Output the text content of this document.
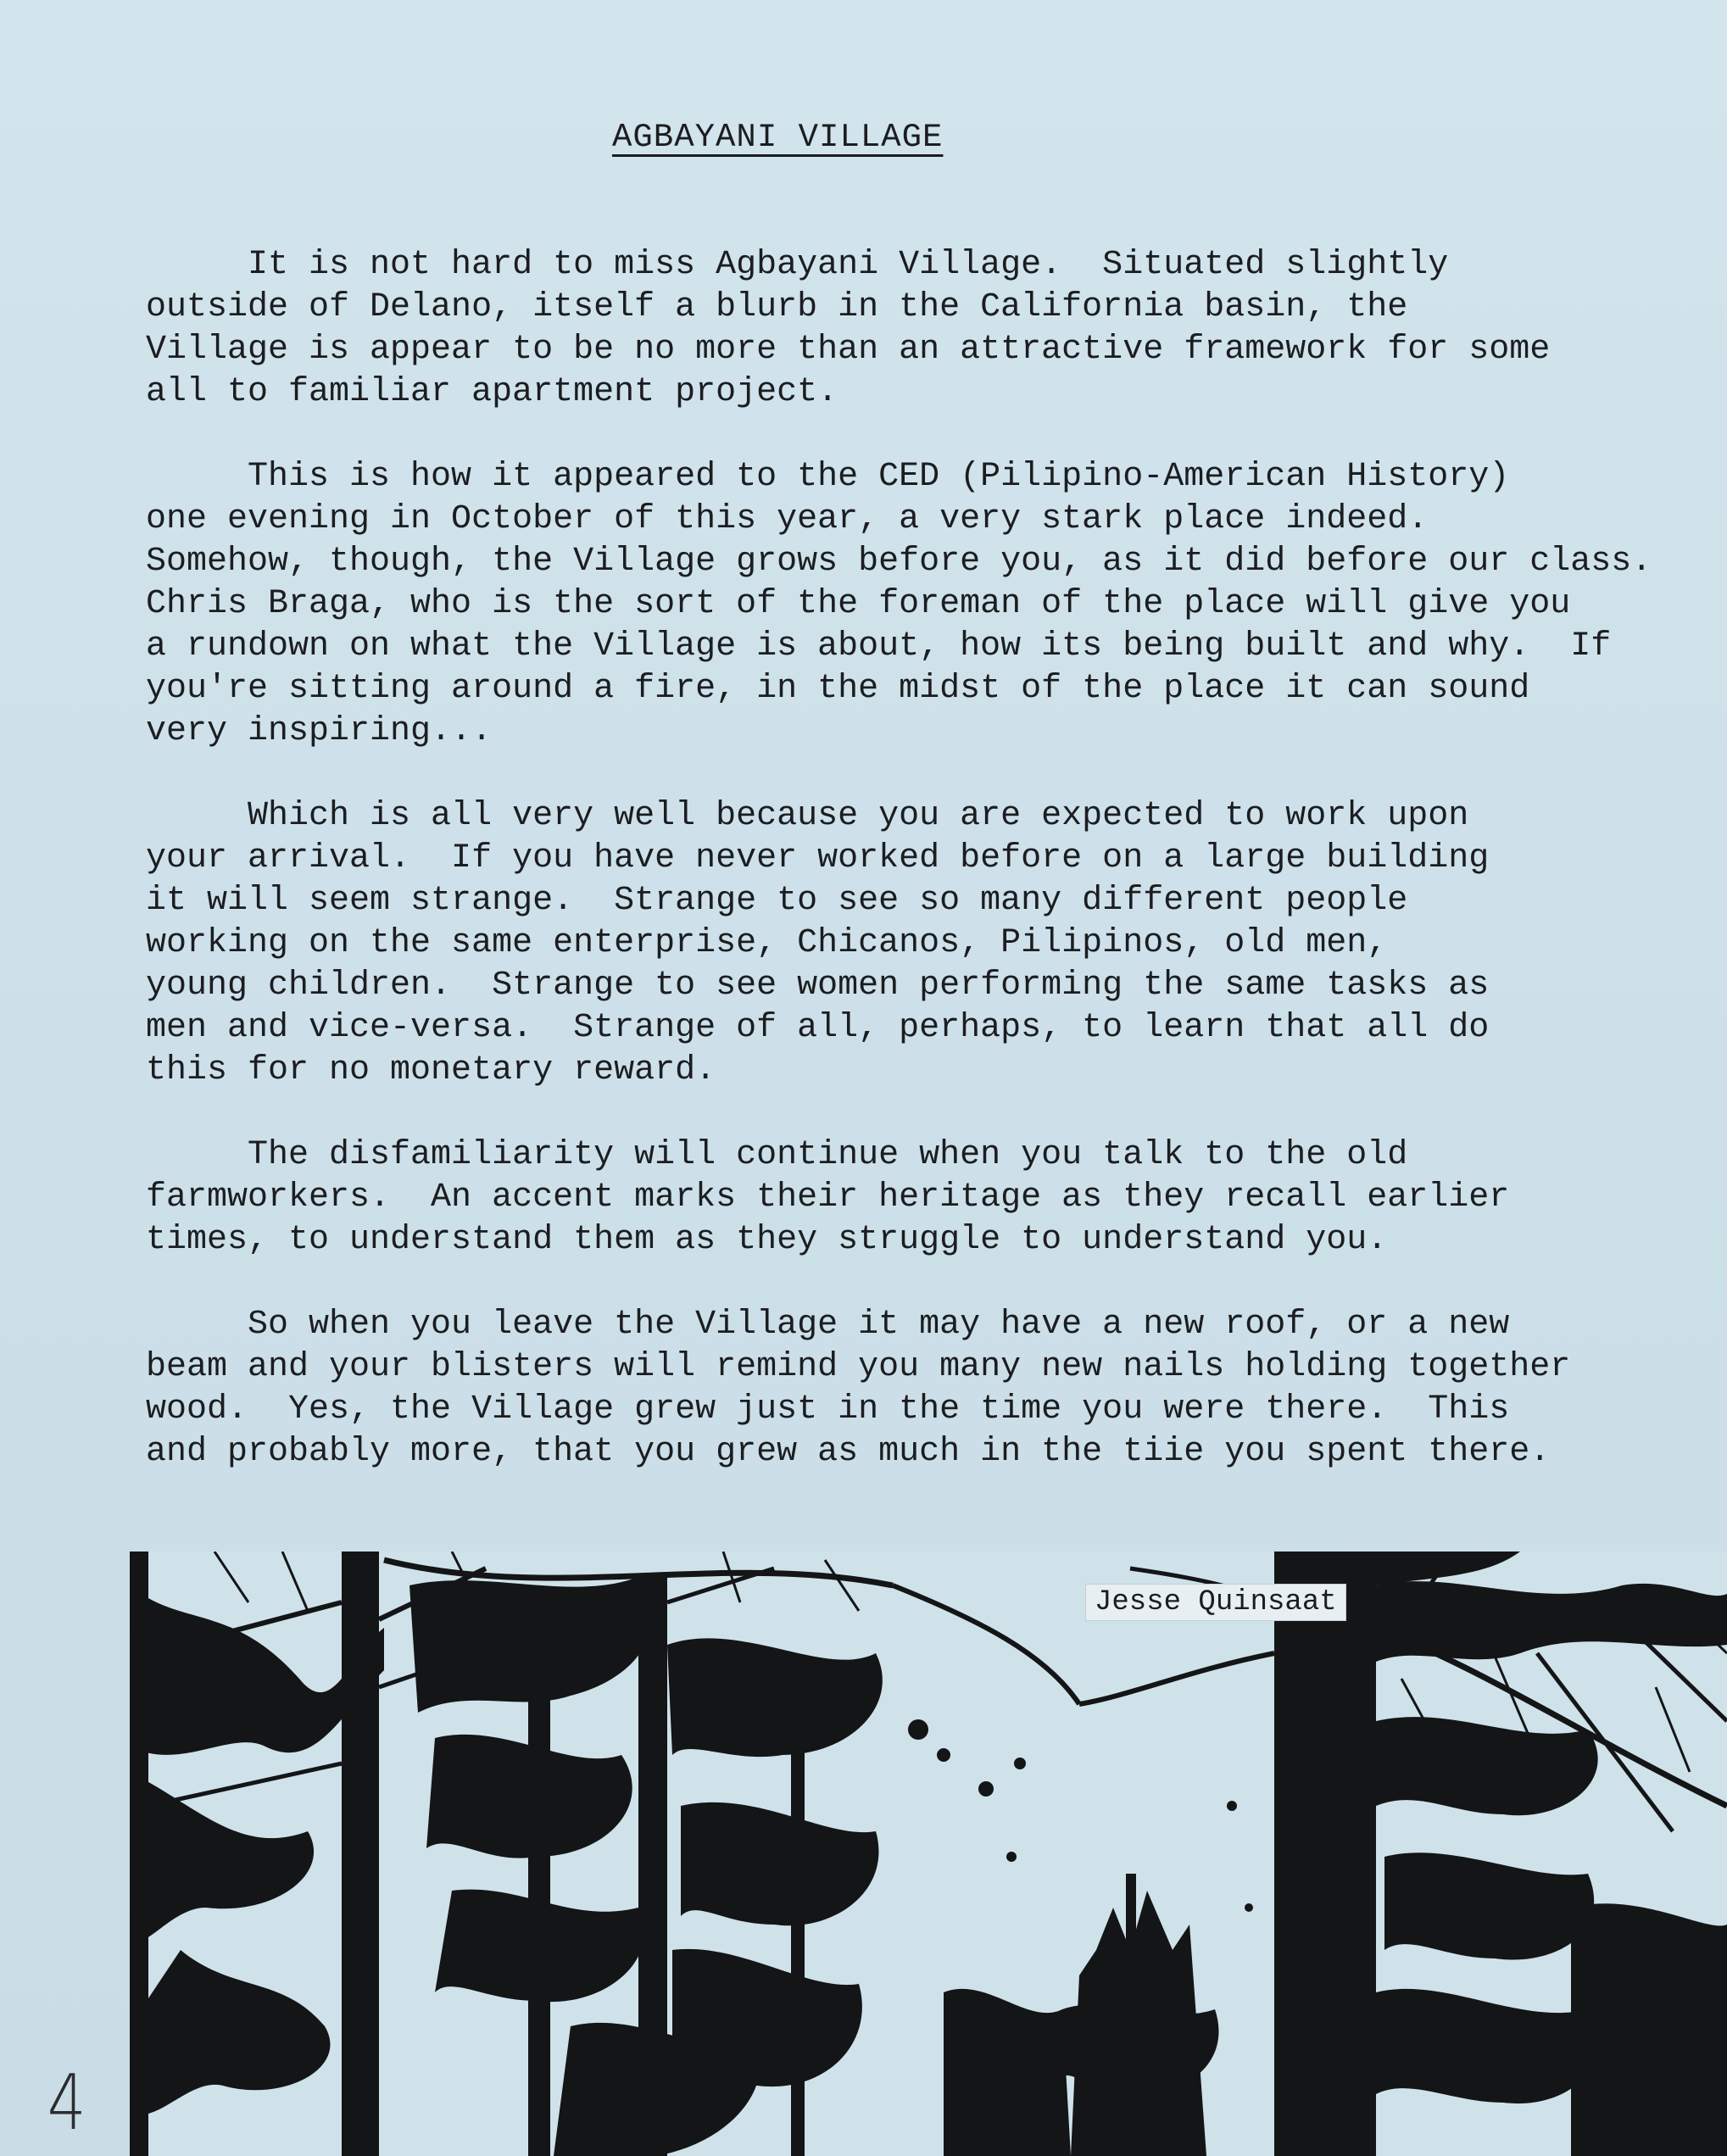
AGBAYANI VILLAGE
It is not hard to miss Agbayani Village.  Situated slightly
outside of Delano, itself a blurb in the California basin, the
Village is appear to be no more than an attractive framework for some
all to familiar apartment project.
This is how it appeared to the CED (Pilipino-American History)
one evening in October of this year, a very stark place indeed.
Somehow, though, the Village grows before you, as it did before our class.
Chris Braga, who is the sort of the foreman of the place will give you
a rundown on what the Village is about, how its being built and why.  If
you're sitting around a fire, in the midst of the place it can sound
very inspiring...
Which is all very well because you are expected to work upon
your arrival.  If you have never worked before on a large building
it will seem strange.  Strange to see so many different people
working on the same enterprise, Chicanos, Pilipinos, old men,
young children.  Strange to see women performing the same tasks as
men and vice-versa.  Strange of all, perhaps, to learn that all do
this for no monetary reward.
The disfamiliarity will continue when you talk to the old
farmworkers.  An accent marks their heritage as they recall earlier
times, to understand them as they struggle to understand you.
So when you leave the Village it may have a new roof, or a new
beam and your blisters will remind you many new nails holding together
wood.  Yes, the Village grew just in the time you were there.  This
and probably more, that you grew as much in the tiie you spent there.
Jesse Quinsaat
4
